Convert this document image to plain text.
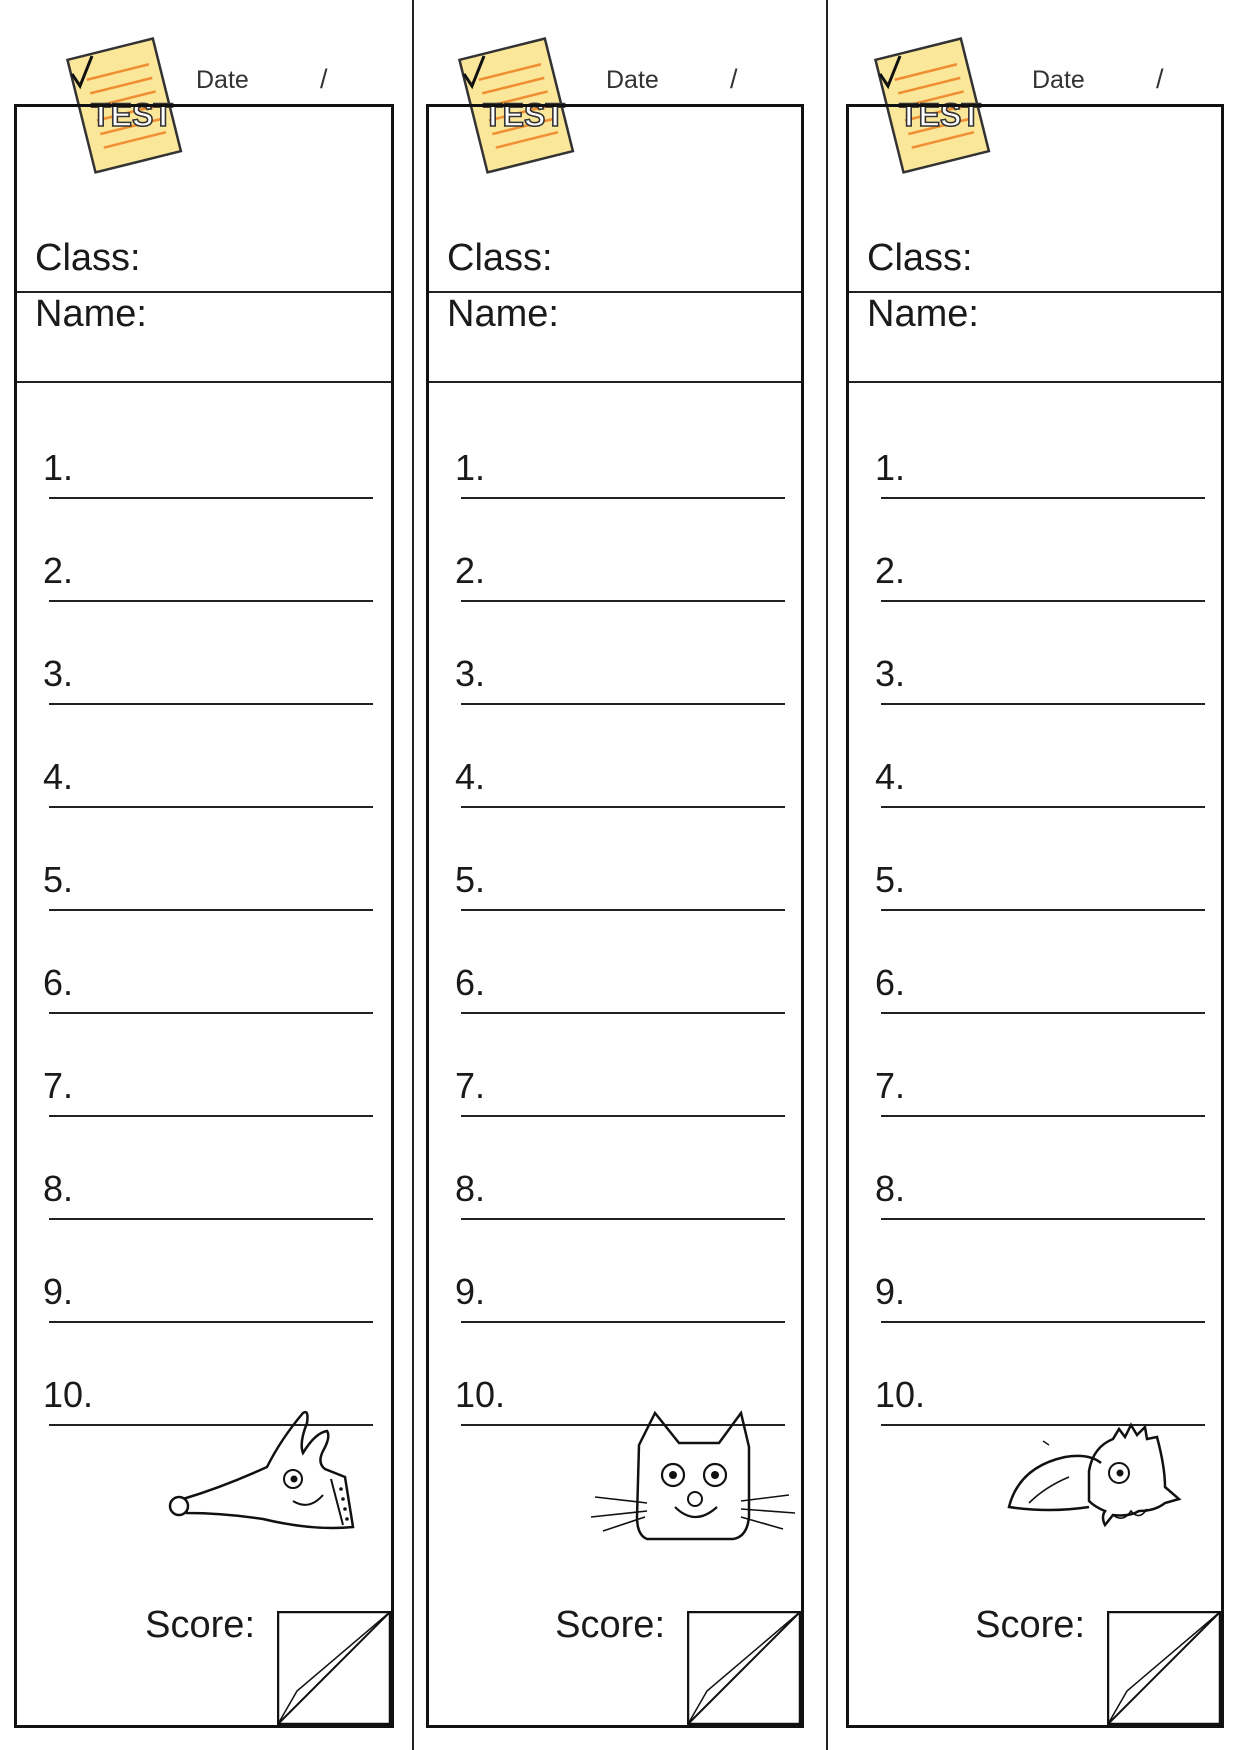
TEST
Date	/
Class:
Name:
1.
2.
3.
4.
5.
6.
7.
8.
9.
10.
Score:
TEST
Date	/
Class:
Name:
1.
2.
3.
4.
5.
6.
7.
8.
9.
10.
Score:
TEST
Date	/
Class:
Name:
1.
2.
3.
4.
5.
6.
7.
8.
9.
10.
Score:
